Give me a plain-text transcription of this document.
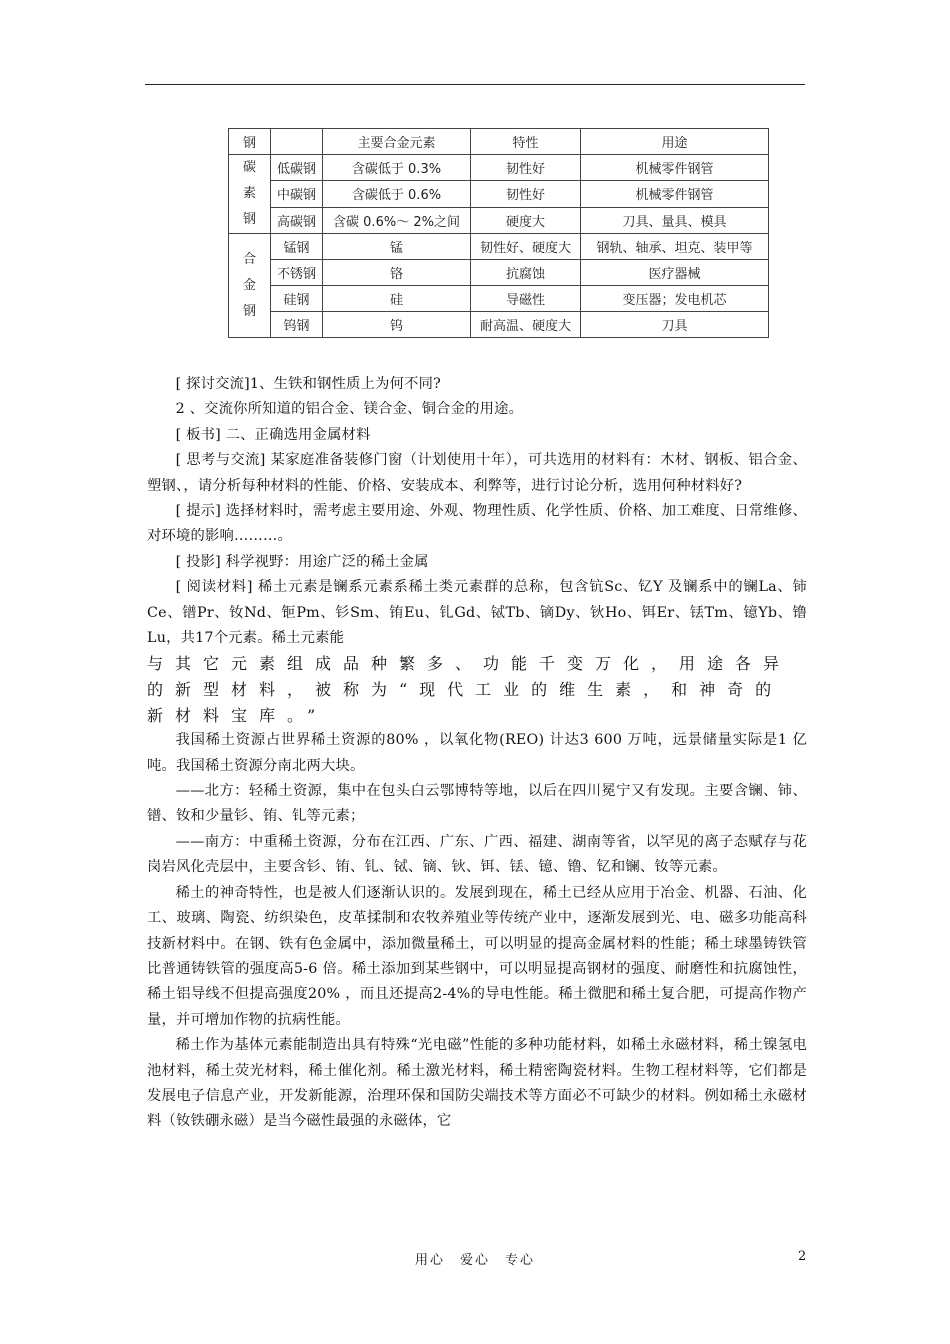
钢		主要合金元素	特性	用途

碳
素
钢	低碳钢	含碳低于 0.3%	韧性好	机械零件钢管
	中碳钢	含碳低于 0.6%	韧性好	机械零件钢管
	高碳钢	含碳 0.6%～ 2%之间	硬度大	刀具、量具、模具

合
金
钢	锰钢	锰	韧性好、硬度大	钢轨、轴承、坦克、装甲等
	不锈钢	铬	抗腐蚀	医疗器械
	硅钢	硅	导磁性	变压器；发电机芯
	钨钢	钨	耐高温、硬度大	刀具

[ 探讨交流]1、生铁和钢性质上为何不同?

2 、交流你所知道的铝合金、镁合金、铜合金的用途。

[ 板书] 二、正确选用金属材料

[ 思考与交流] 某家庭准备装修门窗（计划使用十年），可共选用的材料有：木材、钢板、铝合金、塑钢、，请分析每种材料的性能、价格、安装成本、利弊等，进行讨论分析，选用何种材料好?

[ 提示] 选择材料时，需考虑主要用途、外观、物理性质、化学性质、价格、加工难度、日常维修、对环境的影响………。

[ 投影] 科学视野：用途广泛的稀土金属

[ 阅读材料] 稀土元素是镧系元素系稀土类元素群的总称，包含钪Sc、钇Y 及镧系中的镧La、铈Ce、镨Pr、钕Nd、钷Pm、钐Sm、铕Eu、钆Gd、铽Tb、镝Dy、钬Ho、铒Er、铥Tm、镱Yb、镥Lu，共17个元素。稀土元素能

与其它元素组成品种繁多、功能千变万化，用途各异的新型材料，被称为“现代工业的维生素，和神奇的新材料宝库。”

我国稀土资源占世界稀土资源的80% ，以氧化物(REO) 计达3 600 万吨，远景储量实际是1 亿吨。我国稀土资源分南北两大块。

——北方：轻稀土资源，集中在包头白云鄂博特等地，以后在四川冕宁又有发现。主要含镧、铈、镨、钕和少量钐、铕、钆等元素；

——南方：中重稀土资源，分布在江西、广东、广西、福建、湖南等省，以罕见的离子态赋存与花岗岩风化壳层中，主要含钐、铕、钆、铽、镝、钬、铒、铥、镱、镥、钇和镧、钕等元素。

稀土的神奇特性，也是被人们逐渐认识的。发展到现在，稀土已经从应用于冶金、机器、石油、化工、玻璃、陶瓷、纺织染色，皮革揉制和农牧养殖业等传统产业中，逐渐发展到光、电、磁多功能高科技新材料中。在钢、铁有色金属中，添加微量稀土，可以明显的提高金属材料的性能；稀土球墨铸铁管比普通铸铁管的强度高5-6 倍。稀土添加到某些钢中，可以明显提高钢材的强度、耐磨性和抗腐蚀性，稀土铝导线不但提高强度20% ，而且还提高2-4%的导电性能。稀土微肥和稀土复合肥，可提高作物产量，并可增加作物的抗病性能。

稀土作为基体元素能制造出具有特殊“光电磁”性能的多种功能材料，如稀土永磁材料，稀土镍氢电池材料，稀土荧光材料，稀土催化剂。稀土激光材料，稀土精密陶瓷材料。生物工程材料等，它们都是发展电子信息产业，开发新能源，治理环保和国防尖端技术等方面必不可缺少的材料。例如稀土永磁材料（钕铁硼永磁）是当今磁性最强的永磁体，它

用心　爱心　专心	2
